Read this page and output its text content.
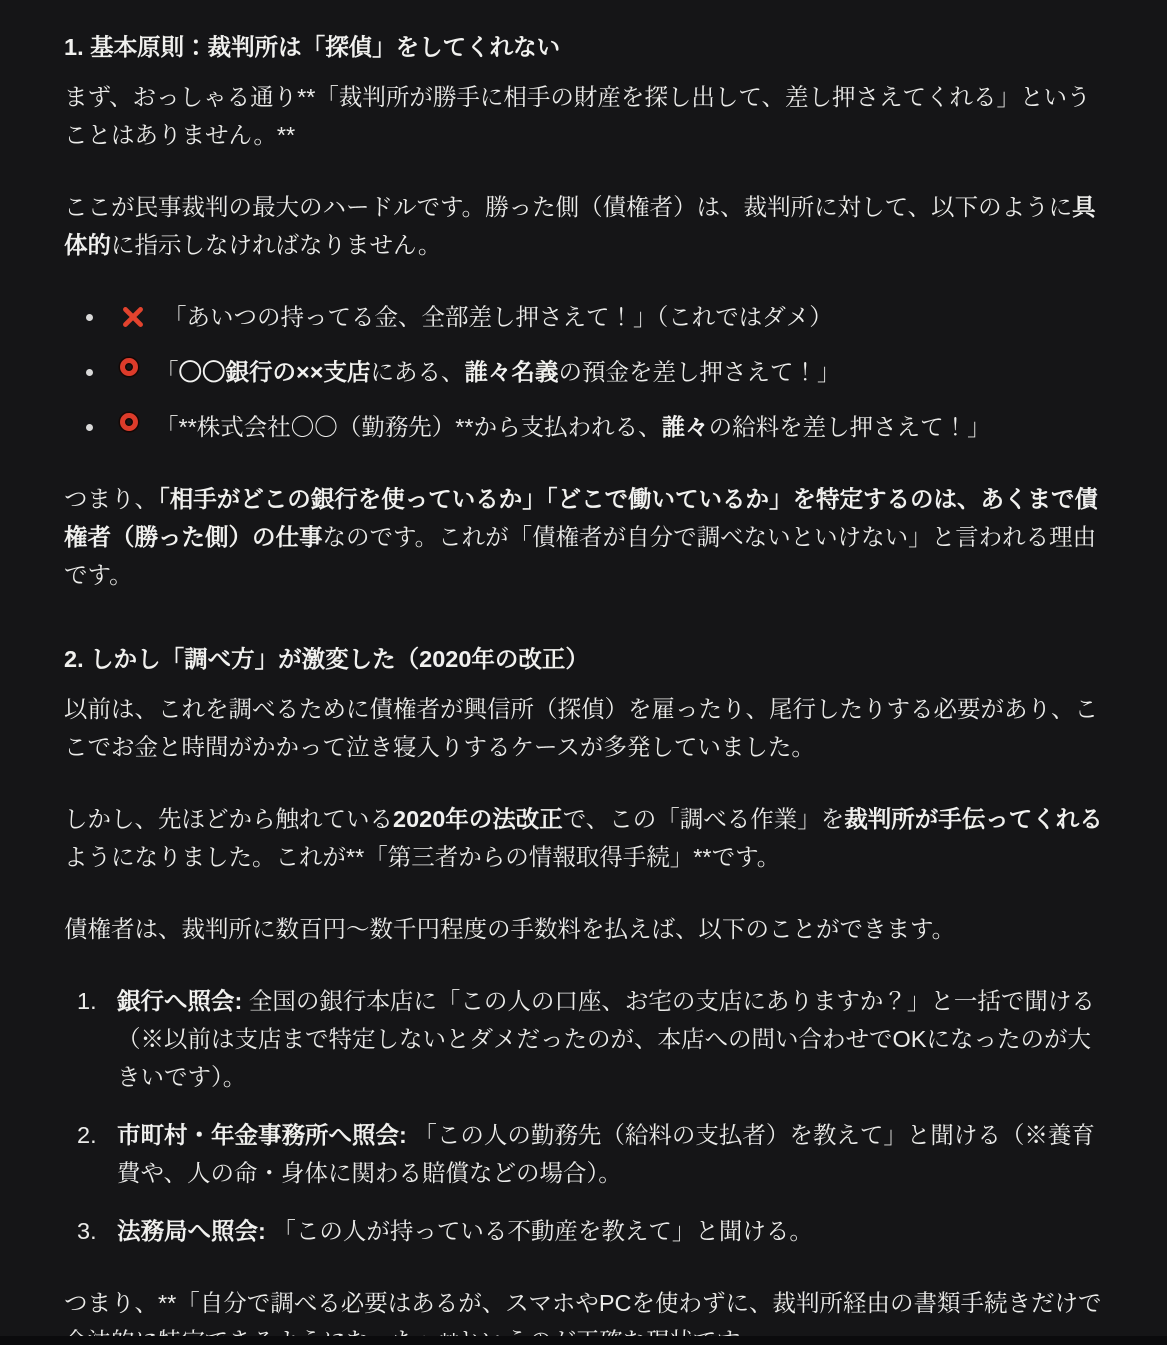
1. 基本原則：裁判所は「探偵」をしてくれない

まず、おっしゃる通り**「裁判所が勝手に相手の財産を探し出して、差し押さえてくれる」ということはありません。**

ここが民事裁判の最大のハードルです。勝った側（債権者）は、裁判所に対して、以下のように具体的に指示しなければなりません。

「あいつの持ってる金、全部差し押さえて！」（これではダメ）
「〇〇銀行の××支店にある、誰々名義の預金を差し押さえて！」
「**株式会社〇〇（勤務先）**から支払われる、誰々の給料を差し押さえて！」

つまり、「相手がどこの銀行を使っているか」「どこで働いているか」を特定するのは、あくまで債権者（勝った側）の仕事なのです。これが「債権者が自分で調べないといけない」と言われる理由です。

2. しかし「調べ方」が激変した（2020年の改正）

以前は、これを調べるために債権者が興信所（探偵）を雇ったり、尾行したりする必要があり、ここでお金と時間がかかって泣き寝入りするケースが多発していました。

しかし、先ほどから触れている2020年の法改正で、この「調べる作業」を裁判所が手伝ってくれるようになりました。これが**「第三者からの情報取得手続」**です。

債権者は、裁判所に数百円〜数千円程度の手数料を払えば、以下のことができます。

1. 銀行へ照会: 全国の銀行本店に「この人の口座、お宅の支店にありますか？」と一括で聞ける（※以前は支店まで特定しないとダメだったのが、本店への問い合わせでOKになったのが大きいです）。
2. 市町村・年金事務所へ照会: 「この人の勤務先（給料の支払者）を教えて」と聞ける（※養育費や、人の命・身体に関わる賠償などの場合）。
3. 法務局へ照会: 「この人が持っている不動産を教えて」と聞ける。

つまり、**「自分で調べる必要はあるが、スマホやPCを使わずに、裁判所経由の書類手続きだけで
